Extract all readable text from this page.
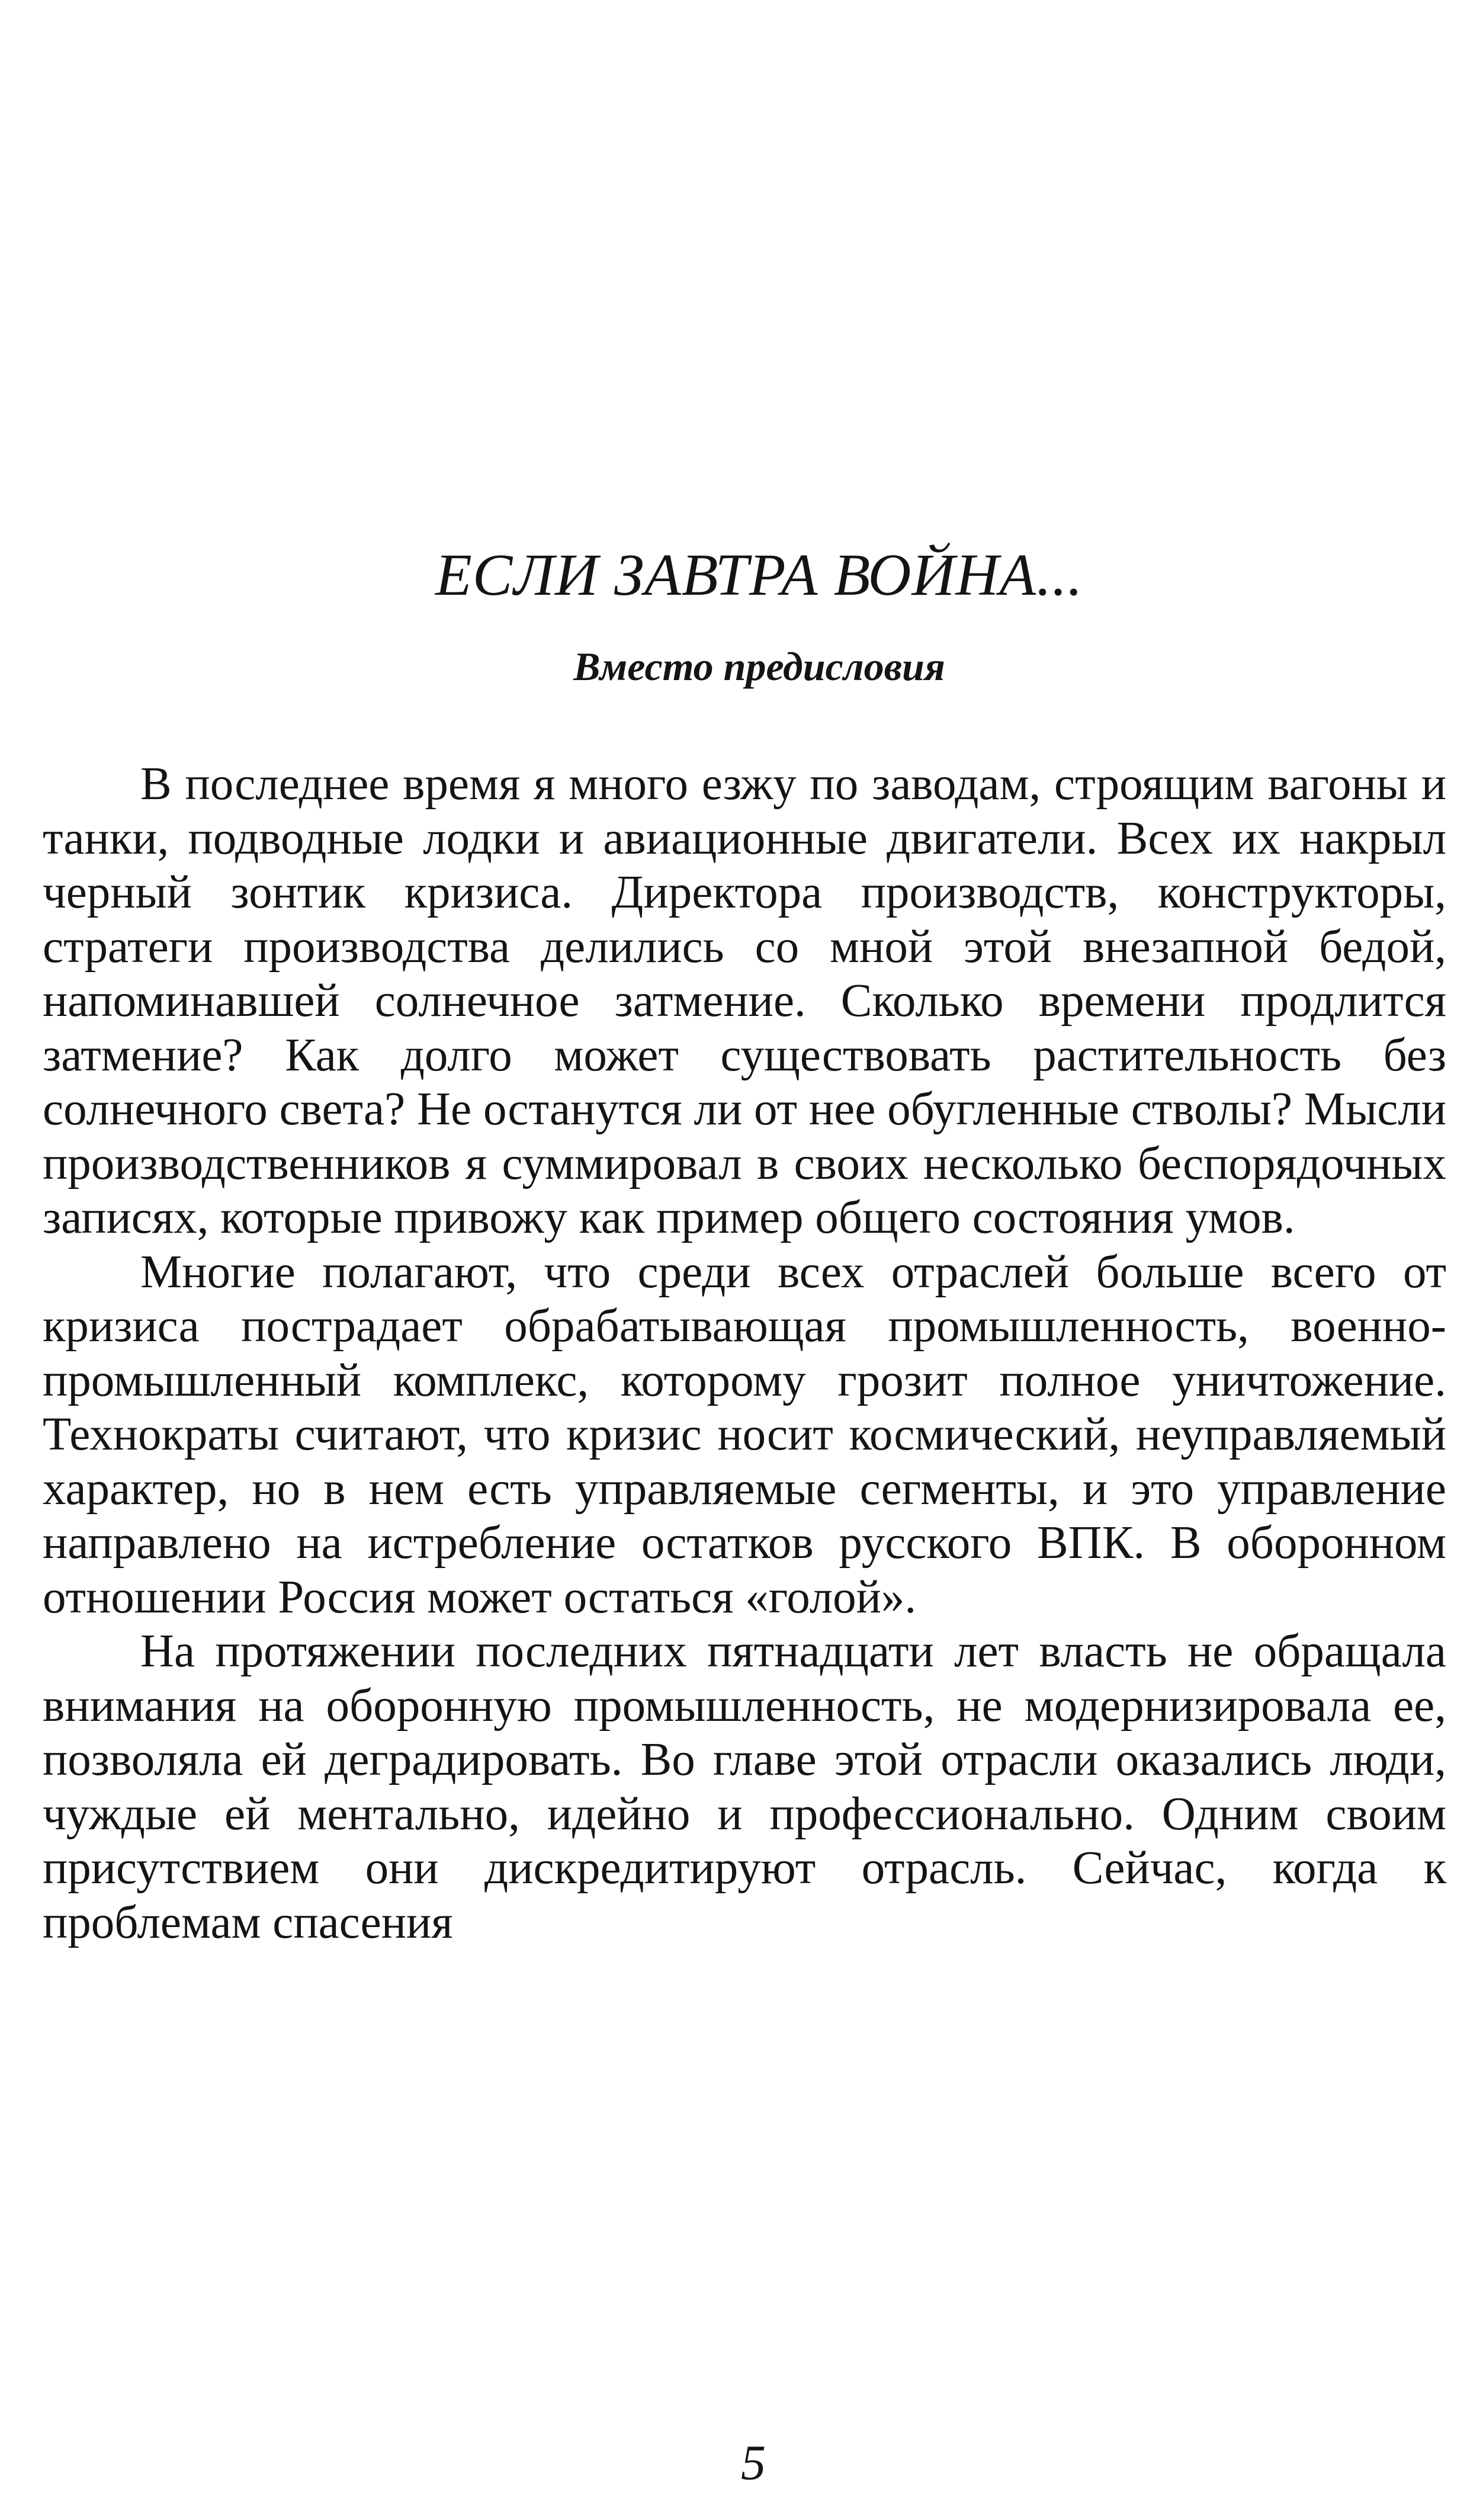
ЕСЛИ ЗАВТРА ВОЙНА...
Вместо предисловия

В последнее время я много езжу по заводам, строящим вагоны и танки, подводные лодки и авиационные двигатели. Всех их накрыл черный зонтик кризиса. Директора производств, конструкторы, стратеги производства делились со мной этой внезапной бедой, напоминавшей солнечное затмение. Сколько времени продлится затмение? Как долго может существовать растительность без солнечного света? Не останутся ли от нее обугленные стволы? Мысли производственников я суммировал в своих несколько беспорядочных записях, которые привожу как пример общего состояния умов.

Многие полагают, что среди всех отраслей больше всего от кризиса пострадает обрабатывающая промышленность, военно-промышленный комплекс, которому грозит полное уничтожение. Технократы считают, что кризис носит космический, неуправляемый характер, но в нем есть управляемые сегменты, и это управление направлено на истребление остатков русского ВПК. В оборонном отношении Россия может остаться «голой».

На протяжении последних пятнадцати лет власть не обращала внимания на оборонную промышленность, не модернизировала ее, позволяла ей деградировать. Во главе этой отрасли оказались люди, чуждые ей ментально, идейно и профессионально. Одним своим присутствием они дискредитируют отрасль. Сейчас, когда к проблемам спасения

5
